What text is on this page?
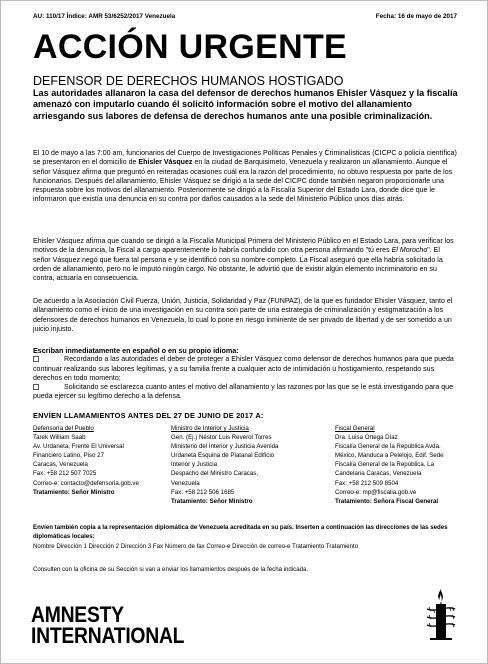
AU: 110/17 Índice: AMR 53/6252/2017 Venezuela	Fecha: 16 de mayo de 2017
ACCIÓN URGENTE
DEFENSOR DE DERECHOS HUMANOS HOSTIGADO

Las autoridades allanaron la casa del defensor de derechos humanos Ehisler Vásquez y la fiscalía amenazó con imputarlo cuando él solicitó información sobre el motivo del allanamiento arriesgando sus labores de defensa de derechos humanos ante una posible criminalización.

El 10 de mayo a las 7:00 am, funcionarios del Cuerpo de Investigaciones Políticas Penales y Criminalísticas (CICPC o policía científica) se presentaron en el domicilio de Ehisler Vásquez en la ciudad de Barquisimeto, Venezuela y realizaron un allanamiento. Aunque el señor Vásquez afirma que preguntó en reiteradas ocasiones cuál era la razón del procedimiento, no obtuvo respuesta por parte de los funcionarios. Después del allanamiento, Ehisler Vásquez se dirigió a la sede del CICPC donde también negaron proporcionarle una respuesta sobre los motivos del allanamiento. Posteriormente se dirigió a la Fiscalía Superior del Estado Lara, donde dice que le informaron que existía una denuncia en su contra por daños causados a la sede del Ministerio Público unos días atrás.

Ehisler Vásquez afirma que cuando se dirigió a la Fiscalía Municipal Primera del Ministerio Público en el Estado Lara, para verificar los motivos de la denuncia, la Fiscal a cargo aparentemente lo habría confundido con otra persona afirmando "tú eres El Morocho". El señor Vásquez negó que fuera tal persona e y se identificó con su nombre completo. La Fiscal aseguró que ella habría solicitado la orden de allanamiento, pero no le imputó ningún cargo. No obstante, le advirtió que de existir algún elemento incriminatorio en su contra, actuaría en consecuencia.

De acuerdo a la Asociación Civil Fuerza, Unión, Justicia, Solidaridad y Paz (FUNPAZ), de la que es fundador Ehisler Vásquez, tanto el allanamiento como el inicio de una investigación en su contra son parte de una estrategia de criminalización y estigmatización a los defensores de derechos humanos en Venezuela, lo cual lo pone en riesgo inminente de ser privado de libertad y de ser sometido a un juicio injusto.

Escriban inmediatamente en español o en su propio idioma:

Recordando a las autoridades el deber de proteger a Ehisler Vásquez como defensor de derechos humanos para que pueda continuar realizando sus labores legítimas, y a su familia frente a cualquier acto de intimidación u hostigamiento, respetando sus derechos en todo momento;

Solicitando se esclarezca cuanto antes el motivo del allanamiento y las razones por las que se le está investigando para que pueda ejercer su legítimo derecho a la defensa.

ENVÍEN LLAMAMIENTOS ANTES DEL 27 DE JUNIO DE 2017 A:

Defensoría del Pueblo
Tarek William Saab
Av. Urdaneta, Frente El Universal
Financiero Latino, Piso 27
Caracas, Venezuela
Fax: +58 212 507 7025
Correo-e: contacto@defensoria.gob.ve
Tratamiento: Señor Ministro
Ministro de Interior y Justicia
Gen. (Ej.) Néstor Luis Reverol Torres
Ministerio del Interior y Justicia Avenida
Urdaneta Esquina de Platanal Edificio
Interior y Justicia
Despacho del Ministro Caracas,
Venezuela
Fax: +58 212 506 1685
Tratamiento: Señor Ministro
Fiscal General
Dra. Luisa Ortega Díaz
Fiscalía General de la República Avda.
México, Manduca a Pelelojo, Edif. Sede
Fiscalía General de la República, La
Candelaria Caracas, Venezuela
Fax: +58 212 509 8504
Correo-e: mp@fiscalia.gob.ve
Tratamiento: Señora Fiscal General

Envíen también copia a la representación diplomática de Venezuela acreditada en su país. Inserten a continuación las direcciones de las sedes diplomáticas locales:

Nombre Dirección 1 Dirección 2 Dirección 3 Fax Número de fax Correo-e Dirección de correo-e Tratamiento Tratamiento

Consulten con la oficina de su Sección si van a enviar los llamamientos después de la fecha indicada.

AMNESTY
INTERNATIONAL
